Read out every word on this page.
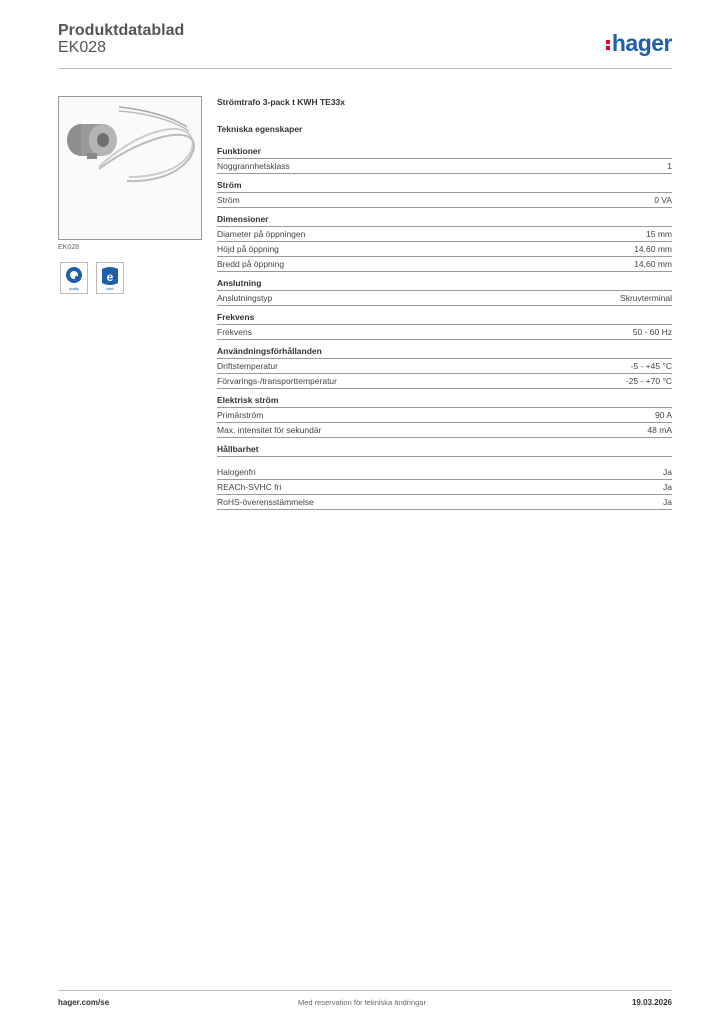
Produktdatablad
EK028	hager
EK028
quality
e
label
Strömtrafo 3-pack t KWH TE33x
Tekniska egenskaper
Funktioner
Noggrannhetsklass	1
Ström
Ström	0 VA
Dimensioner
Diameter på öppningen	15 mm
Höjd på öppning	14,60 mm
Bredd på öppning	14,60 mm
Anslutning
Anslutningstyp	Skruvterminal
Frekvens
Frekvens	50 - 60 Hz
Användningsförhållanden
Driftstemperatur	-5 - +45 °C
Förvarings-/transporttemperatur	-25 - +70 °C
Elektrisk ström
Primärström	90 A
Max. intensitet för sekundär	48 mA
Hållbarhet
Halogenfri	Ja
REACh-SVHC fri	Ja
RoHS-överensstämmelse	Ja
hager.com/se	Med reservation för tekniska ändringar	19.03.2026
